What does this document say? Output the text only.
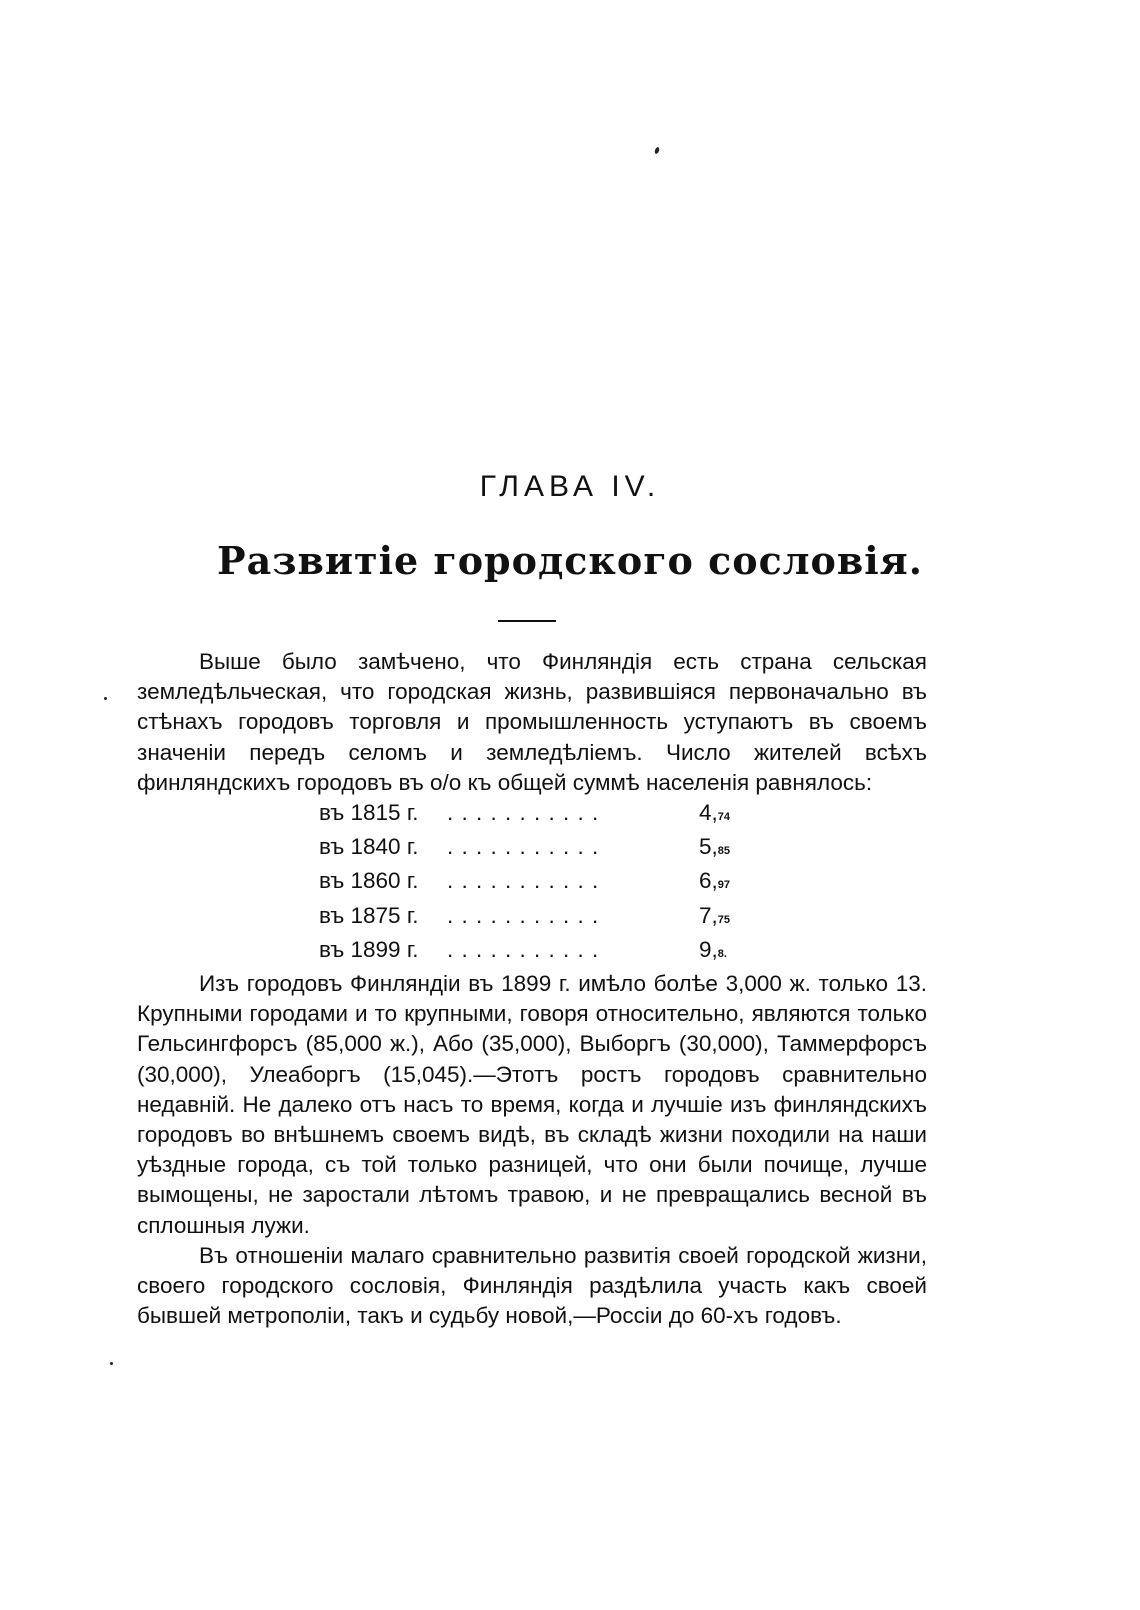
ГЛАВА IV.
Развитіе городского сословія.

Выше было замѣчено, что Финляндія есть страна сельская земледѣльческая, что городская жизнь, развившіяся первоначально въ стѣнахъ городовъ торговля и промышленность уступаютъ въ своемъ значеніи передъ селомъ и земледѣліемъ. Число жителей всѣхъ финляндскихъ городовъ въ о/о къ общей суммѣ населенія равнялось:

въ 1815 г.	. . . . . . . . . . .	4,74
въ 1840 г.	. . . . . . . . . . .	5,85
въ 1860 г.	. . . . . . . . . . .	6,97
въ 1875 г.	. . . . . . . . . . .	7,75
въ 1899 г.	. . . . . . . . . . .	9,8.

Изъ городовъ Финляндіи въ 1899 г. имѣло болѣе 3,000 ж. только 13. Крупными городами и то крупными, говоря относительно, являются только Гельсингфорсъ (85,000 ж.), Або (35,000), Выборгъ (30,000), Таммерфорсъ (30,000), Улеаборгъ (15,045).—Этотъ ростъ городовъ сравнительно недавній. Не далеко отъ насъ то время, когда и лучшіе изъ финляндскихъ городовъ во внѣшнемъ своемъ видѣ, въ складѣ жизни походили на наши уѣздные города, съ той только разницей, что они были почище, лучше вымощены, не заростали лѣтомъ травою, и не превращались весной въ сплошныя лужи.

Въ отношеніи малаго сравнительно развитія своей городской жизни, своего городского сословія, Финляндія раздѣлила участь какъ своей бывшей метрополіи, такъ и судьбу новой,—Россіи до 60-хъ годовъ.
